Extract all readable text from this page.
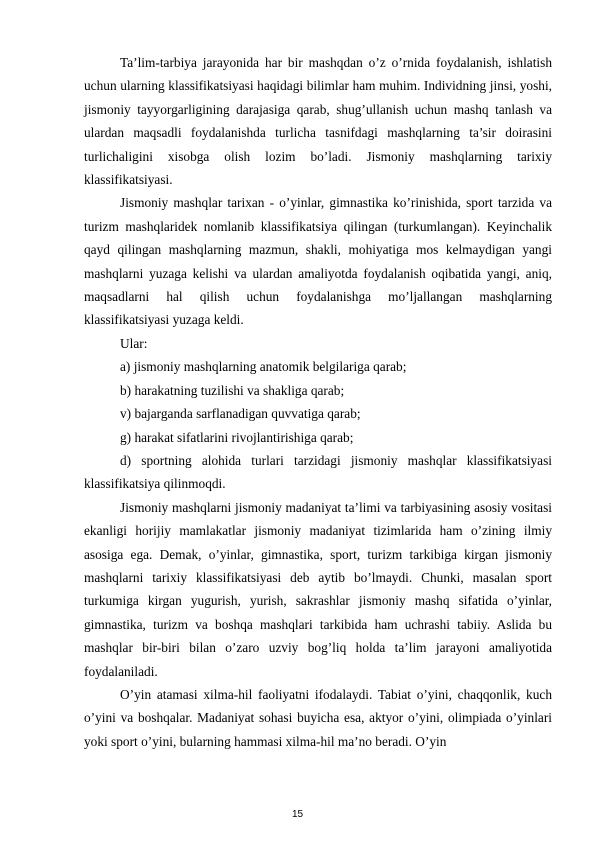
Ta’lim-tarbiya jarayonida har bir mashqdan o’z o’rnida foydalanish, ishlatish uchun ularning klassifikatsiyasi haqidagi bilimlar ham muhim. Individning jinsi, yoshi, jismoniy tayyorgarligining darajasiga qarab, shug’ullanish uchun mashq tanlash va ulardan maqsadli foydalanishda turlicha tasnifdagi mashqlarning ta’sir doirasini turlichaligini xisobga olish lozim bo’ladi. Jismoniy mashqlarning tarixiy klassifikatsiyasi.

Jismoniy mashqlar tarixan - o’yinlar, gimnastika ko’rinishida, sport tarzida va turizm mashqlaridek nomlanib klassifikatsiya qilingan (turkumlangan). Keyinchalik qayd qilingan mashqlarning mazmun, shakli, mohiyatiga mos kelmaydigan yangi mashqlarni yuzaga kelishi va ulardan amaliyotda foydalanish oqibatida yangi, aniq, maqsadlarni hal qilish uchun foydalanishga mo’ljallangan mashqlarning klassifikatsiyasi yuzaga keldi.

Ular:

a) jismoniy mashqlarning anatomik belgilariga qarab;

b) harakatning tuzilishi va shakliga qarab;

v) bajarganda sarflanadigan quvvatiga qarab;

g) harakat sifatlarini rivojlantirishiga qarab;

d) sportning alohida turlari tarzidagi jismoniy mashqlar klassifikatsiyasi klassifikatsiya qilinmoqdi.

Jismoniy mashqlarni jismoniy madaniyat ta’limi va tarbiyasining asosiy vositasi ekanligi horijiy mamlakatlar jismoniy madaniyat tizimlarida ham o’zining ilmiy asosiga ega. Demak, o’yinlar, gimnastika, sport, turizm tarkibiga kirgan jismoniy mashqlarni tarixiy klassifikatsiyasi deb aytib bo’lmaydi. Chunki, masalan sport turkumiga kirgan yugurish, yurish, sakrashlar jismoniy mashq sifatida o’yinlar, gimnastika, turizm va boshqa mashqlari tarkibida ham uchrashi tabiiy. Aslida bu mashqlar bir-biri bilan o’zaro uzviy bog’liq holda ta’lim jarayoni amaliyotida foydalaniladi.

O’yin atamasi xilma-hil faoliyatni ifodalaydi. Tabiat o’yini, chaqqonlik, kuch o’yini va boshqalar. Madaniyat sohasi buyicha esa, aktyor o’yini, olimpiada o’yinlari yoki sport o’yini, bularning hammasi xilma-hil ma’no beradi. O’yin

15
